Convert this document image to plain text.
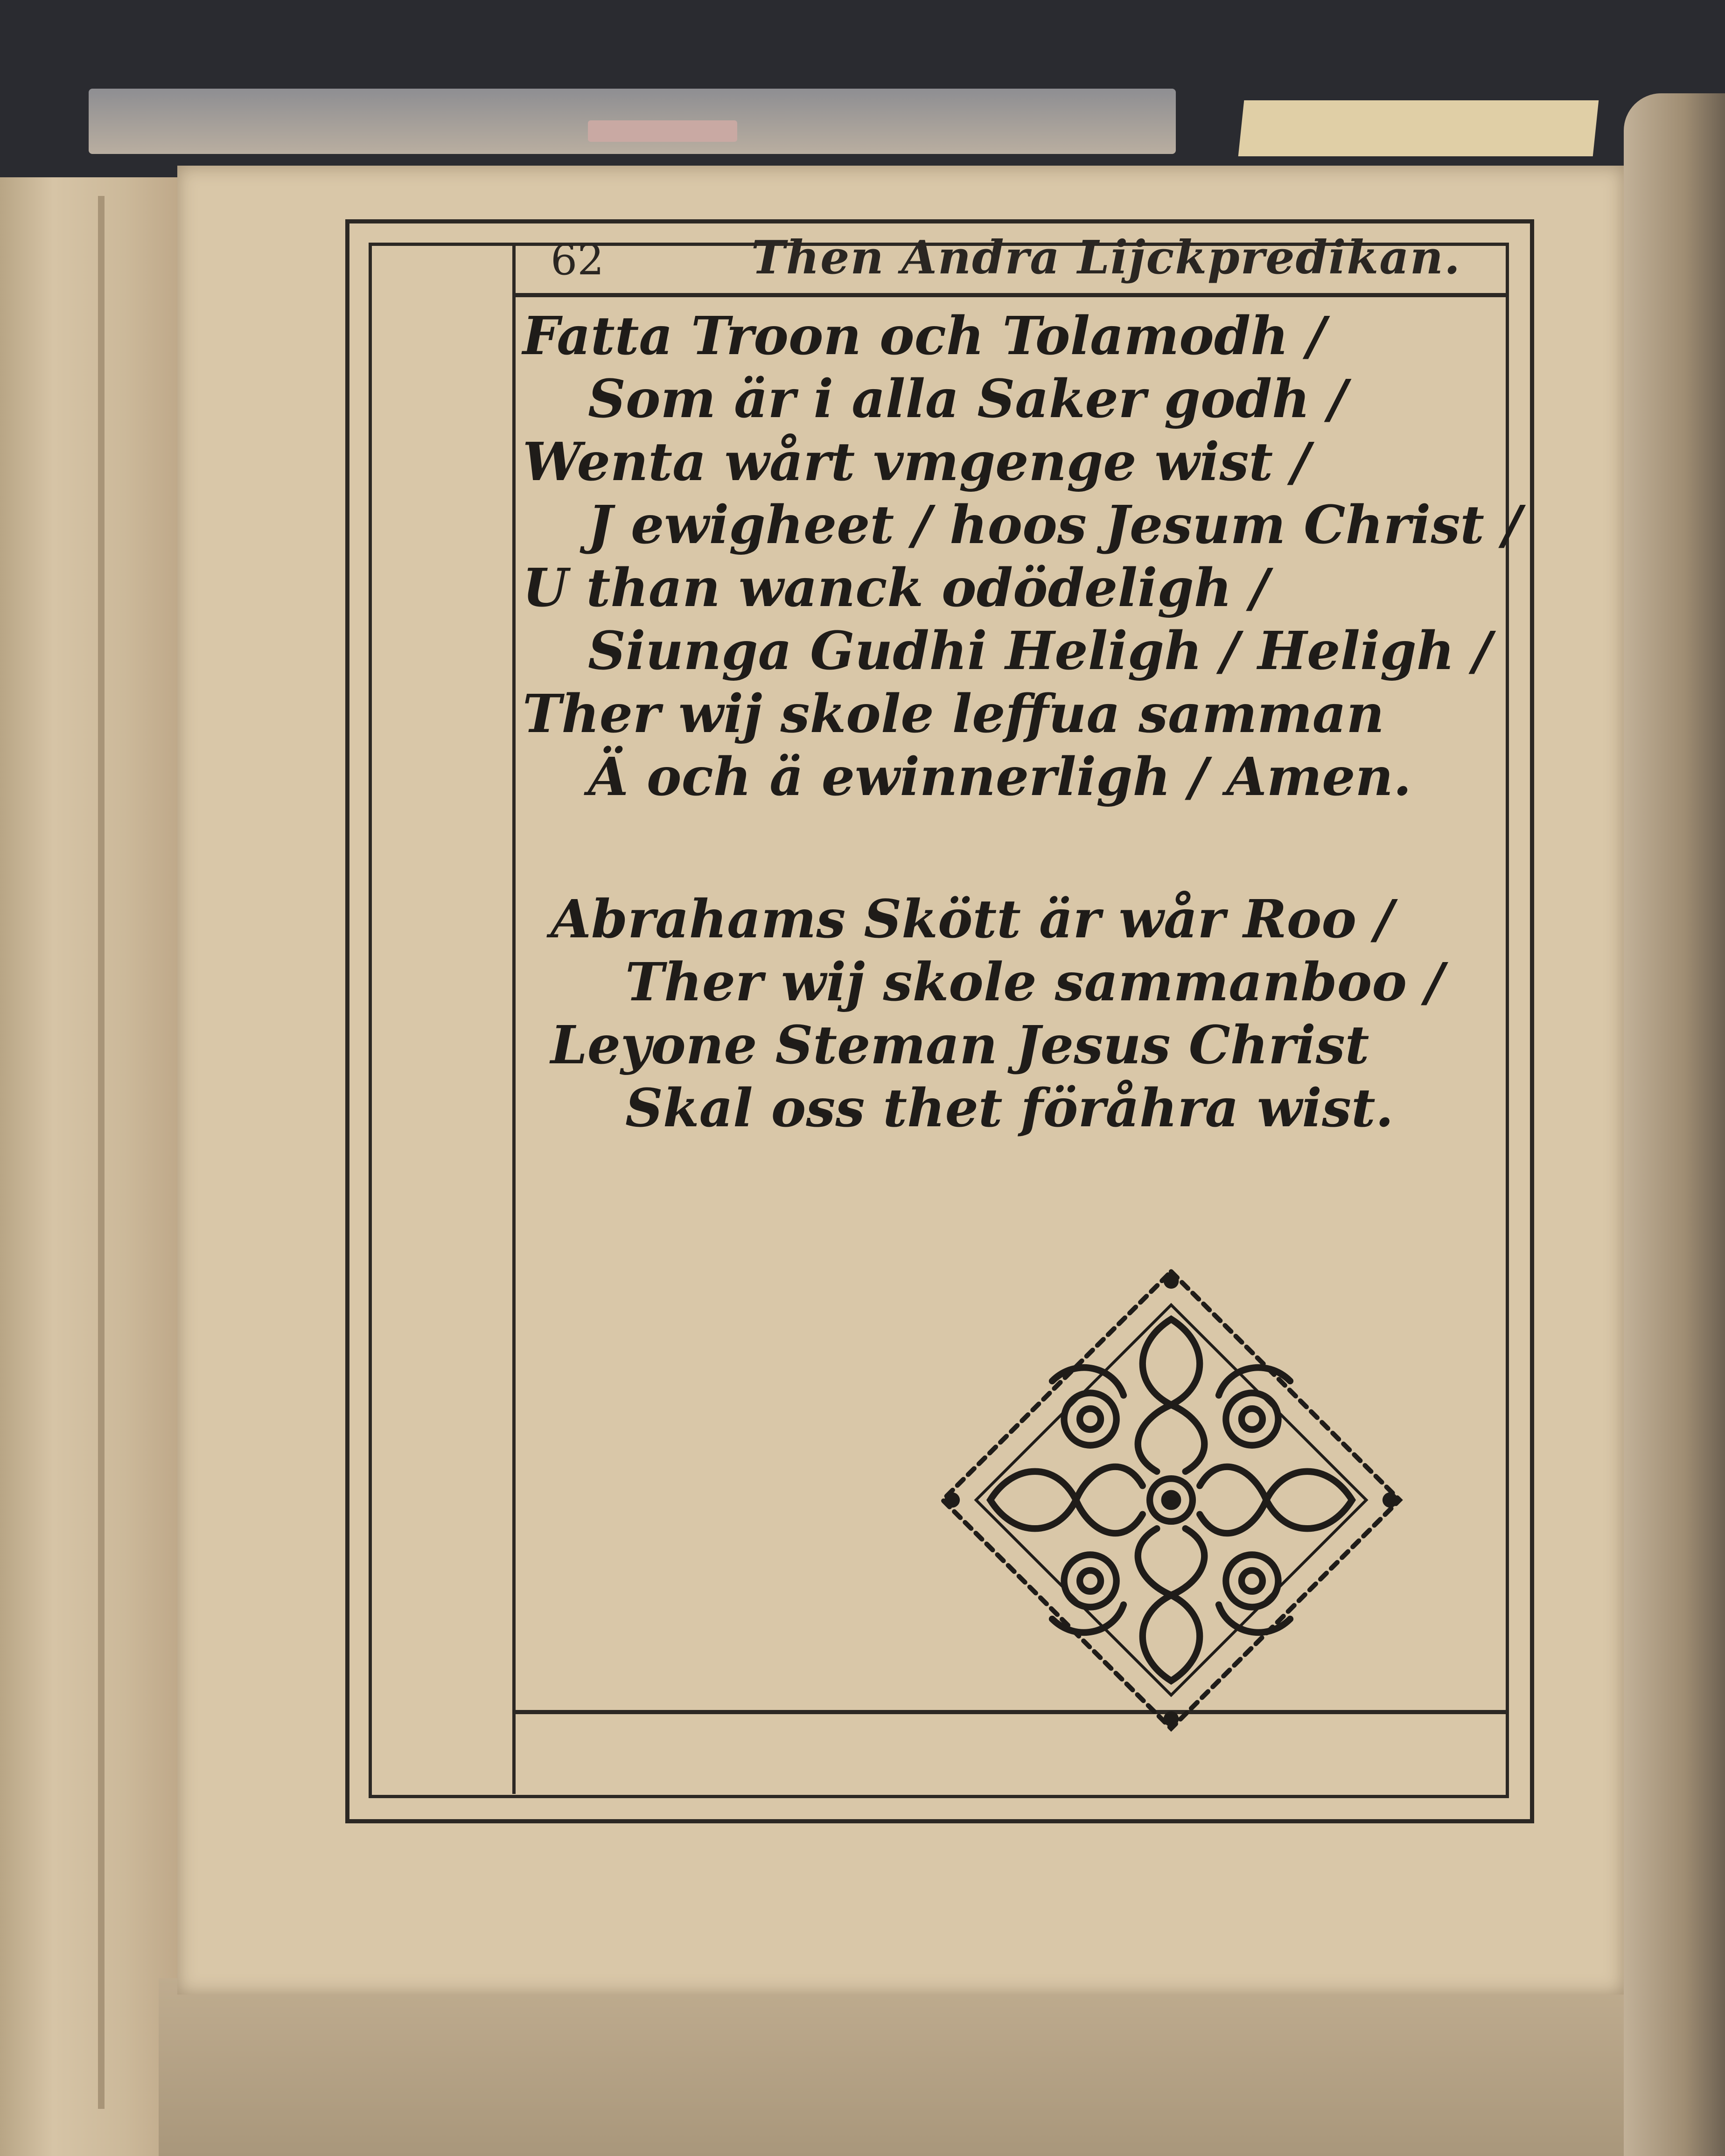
62	Then Andra Lijckpredikan.

Fatta Troon och Tolamodh /

Som är i alla Saker godh /

Wenta wårt vmgenge wist /

J ewigheet / hoos Jesum Christ /

U than wanck odödeligh /

Siunga Gudhi Heligh / Heligh /

Ther wij skole leffua samman

Ä och ä ewinnerligh / Amen.

Abrahams Skött är wår Roo /

Ther wij skole sammanboo /

Leyone Steman Jesus Christ

Skal oss thet föråhra wist.
